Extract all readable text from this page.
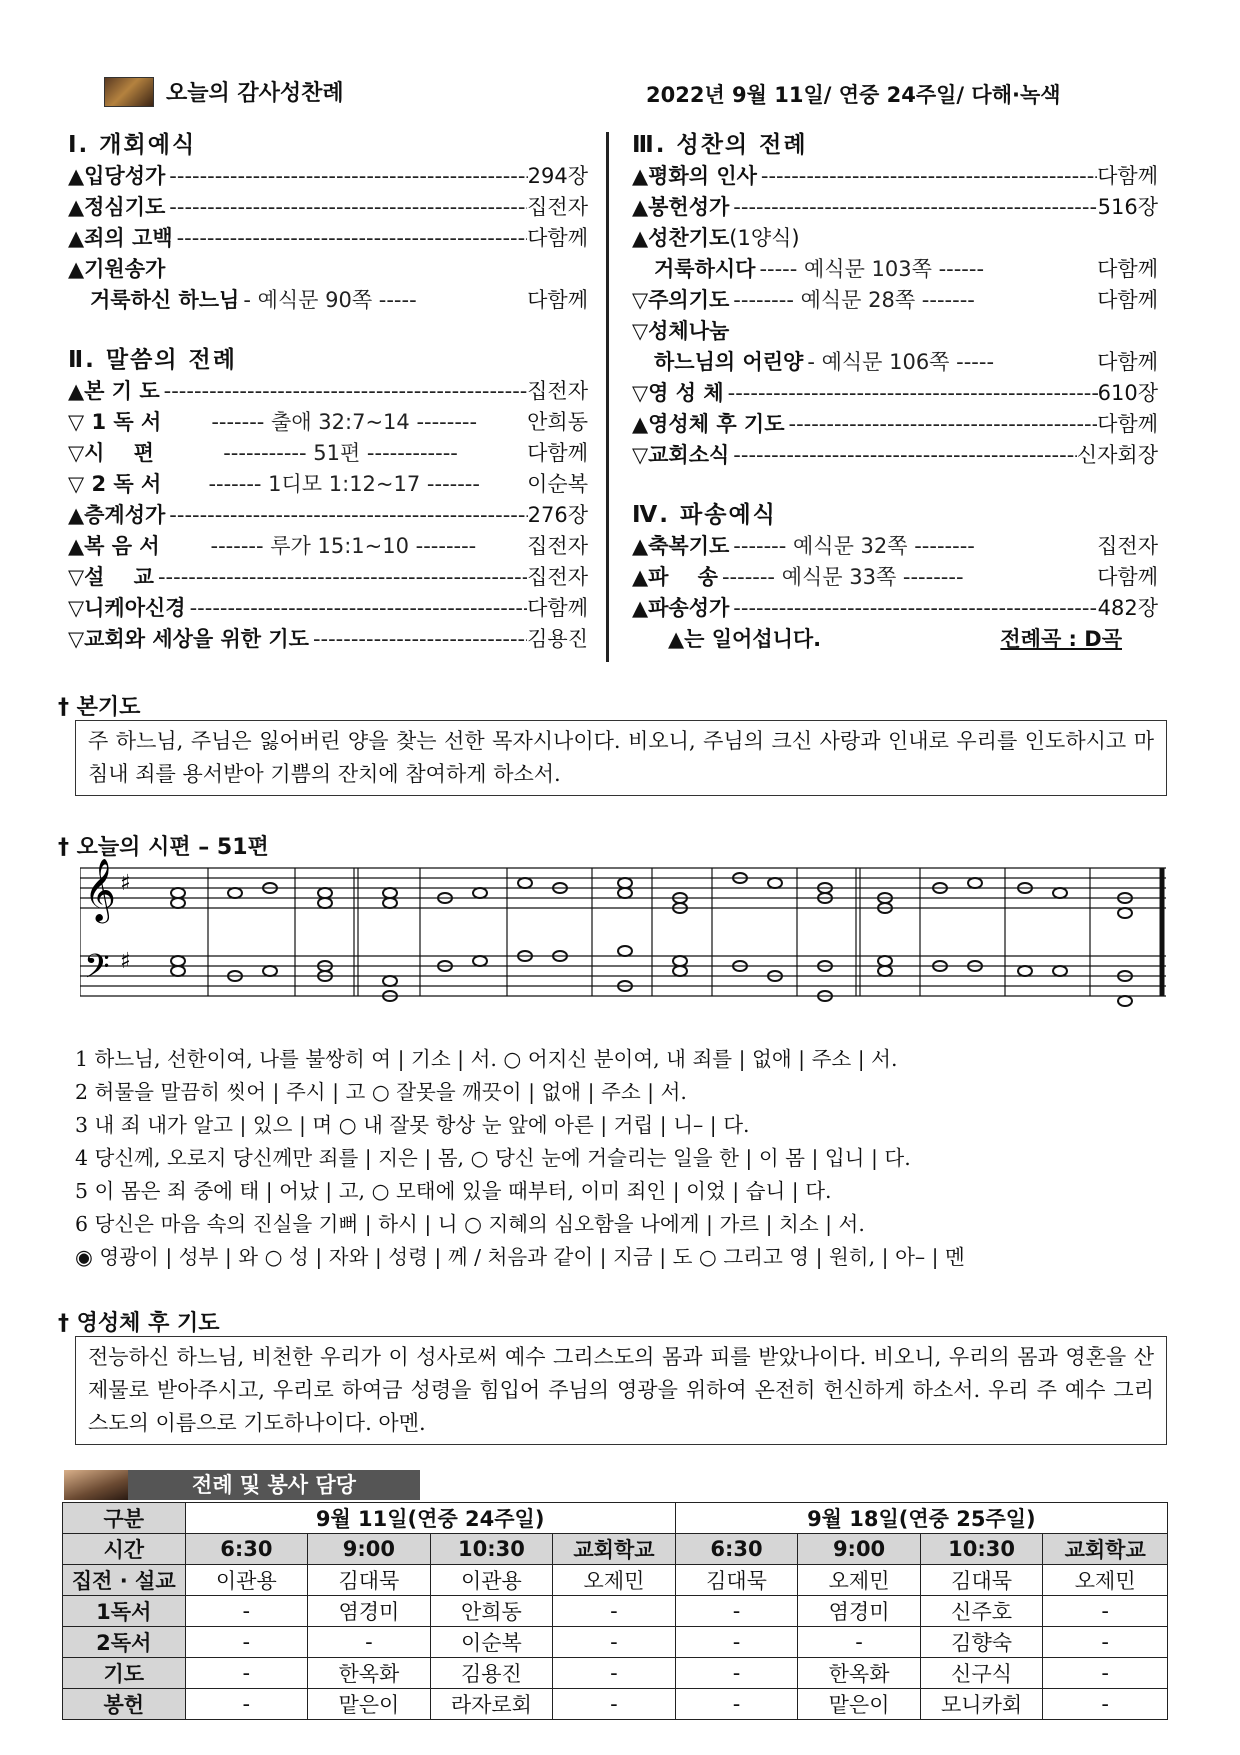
오늘의 감사성찬례	2022년 9월 11일/ 연중 24주일/ 다해·녹색
Ⅰ. 개회예식
▲입당성가 -----	294장
▲정심기도 -----	집전자
▲죄의 고백 -----	다함께
▲기원송가
거룩하신 하느님 - 예식문 90쪽 -----	다함께
Ⅱ. 말씀의 전례
▲본 기 도 -----	집전자
▽ 1 독 서	------- 출애 32:7~14 --------	안희동
▽시    편	----------- 51편 ------------	다함께
▽ 2 독 서	------- 1디모 1:12~17 -------	이순복
▲층계성가 -----	276장
▲복 음 서	------- 루가 15:1~10 --------	집전자
▽설    교 -----	집전자
▽니케아신경 -----	다함께
▽교회와 세상을 위한 기도 -----	김용진
Ⅲ. 성찬의 전례
▲평화의 인사 -----	다함께
▲봉헌성가 -----	516장
▲성찬기도 (1양식)
거룩하시다 ----- 예식문 103쪽 ------	다함께
▽주의기도 -------- 예식문 28쪽 -------	다함께
▽성체나눔
하느님의 어린양 - 예식문 106쪽 -----	다함께
▽영 성 체 -----	610장
▲영성체 후 기도 -----	다함께
▽교회소식 -----	신자회장
Ⅳ. 파송예식
▲축복기도 ------- 예식문 32쪽 --------	집전자
▲파    송 ------- 예식문 33쪽 --------	다함께
▲파송성가 -----	482장
▲는 일어섭니다.	전례곡 : D곡
† 본기도
주 하느님, 주님은 잃어버린 양을 찾는 선한 목자시나이다. 비오니, 주님의 크신 사랑과 인내로 우리를 인도하시고 마침내 죄를 용서받아 기쁨의 잔치에 참여하게 하소서.
† 오늘의 시편 – 51편
𝄞 ♯
𝄢 ♯
1 하느님, 선한이여, 나를 불쌍히 여 | 기소 | 서. ○ 어지신 분이여, 내 죄를 | 없애 | 주소 | 서.
2 허물을 말끔히 씻어 | 주시 | 고 ○ 잘못을 깨끗이 | 없애 | 주소 | 서.
3 내 죄 내가 알고 | 있으 | 며 ○ 내 잘못 항상 눈 앞에 아른 | 거립 | 니– | 다.
4 당신께, 오로지 당신께만 죄를 | 지은 | 몸, ○ 당신 눈에 거슬리는 일을 한 | 이 몸 | 입니 | 다.
5 이 몸은 죄 중에 태 | 어났 | 고, ○ 모태에 있을 때부터, 이미 죄인 | 이었 | 습니 | 다.
6 당신은 마음 속의 진실을 기뻐 | 하시 | 니 ○ 지혜의 심오함을 나에게 | 가르 | 치소 | 서.
◉ 영광이 | 성부 | 와 ○ 성 | 자와 | 성령 | 께 / 처음과 같이 | 지금 | 도 ○ 그리고 영 | 원히, | 아– | 멘
† 영성체 후 기도
전능하신 하느님, 비천한 우리가 이 성사로써 예수 그리스도의 몸과 피를 받았나이다. 비오니, 우리의 몸과 영혼을 산 제물로 받아주시고, 우리로 하여금 성령을 힘입어 주님의 영광을 위하여 온전히 헌신하게 하소서. 우리 주 예수 그리스도의 이름으로 기도하나이다. 아멘.
전례 및 봉사 담당
구분	9월 11일(연중 24주일)				9월 18일(연중 25주일)			
시간	6:30	9:00	10:30	교회학교	6:30	9:00	10:30	교회학교
집전 · 설교	이관용	김대묵	이관용	오제민	김대묵	오제민	김대묵	오제민
1독서	-	염경미	안희동	-	-	염경미	신주호	-
2독서	-	-	이순복	-	-	-	김향숙	-
기도	-	한옥화	김용진	-	-	한옥화	신구식	-
봉헌	-	맡은이	라자로회	-	-	맡은이	모니카회	-
